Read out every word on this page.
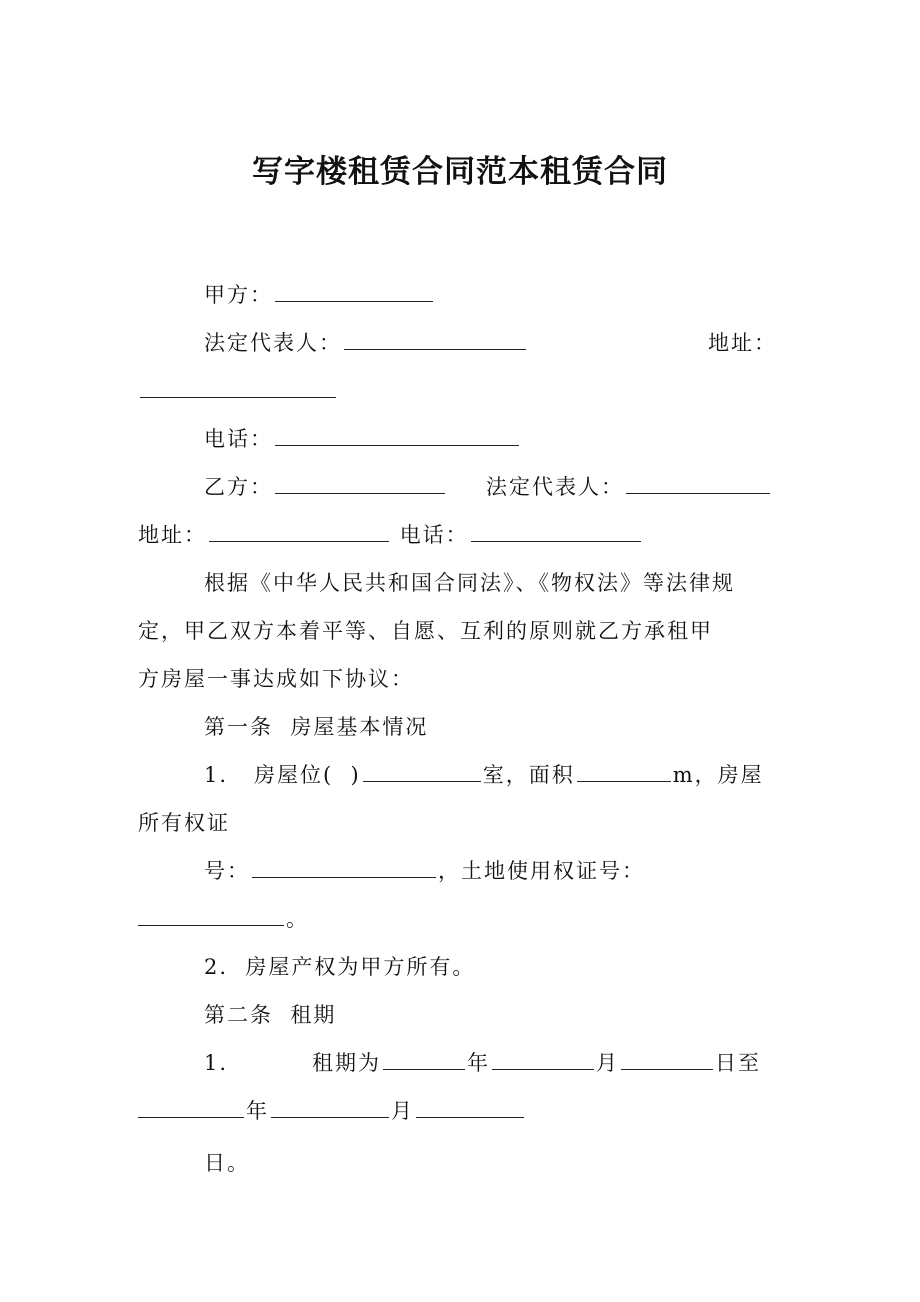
写字楼租赁合同范本租赁合同
甲方：
法定代表人：	地址：
电话：
乙方：	法定代表人：
地址：	电话：
根据《中华人民共和国合同法》、《物权法》等法律规
定，甲乙双方本着平等、自愿、互利的原则就乙方承租甲
方房屋一事达成如下协议：
第一条  房屋基本情况
1. 房屋位(  )	室，面积	m，房屋
所有权证
号：	，土地使用权证号：
。
2.  房屋产权为甲方所有。
第二条  租期
1.	租期为	年	月	日至
年	月
日。
